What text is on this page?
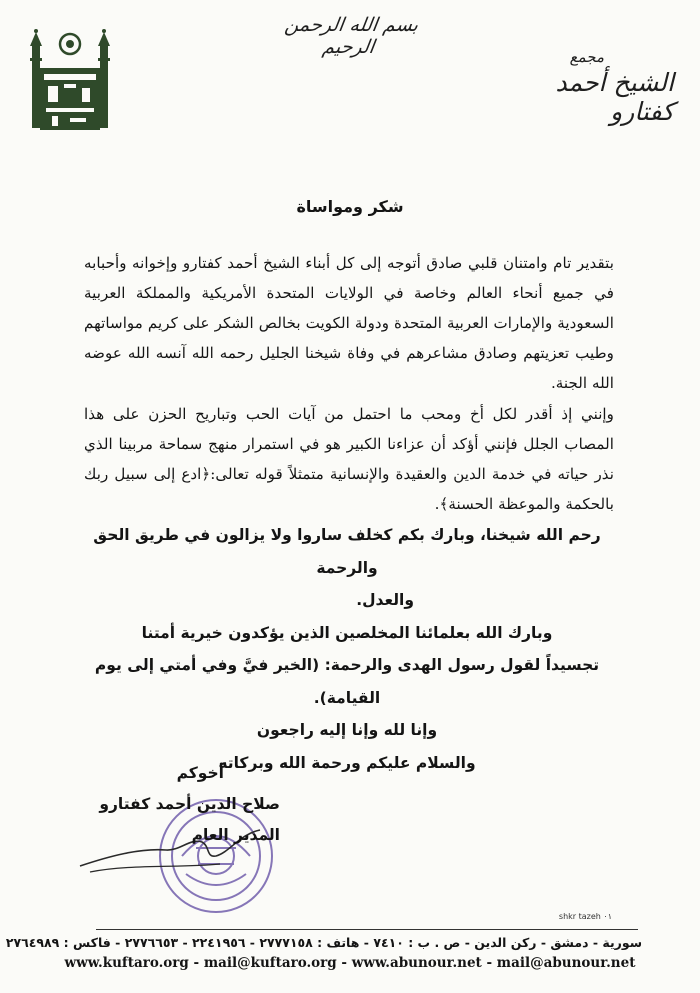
بسم الله الرحمن الرحيم	مجمع
الشيخ أحمد كفتارو
شكر ومواساة

بتقدير تام وامتنان قلبي صادق أتوجه إلى كل أبناء الشيخ أحمد كفتارو وإخوانه وأحبابه في جميع أنحاء العالم وخاصة في الولايات المتحدة الأمريكية والمملكة العربية السعودية والإمارات العربية المتحدة ودولة الكويت بخالص الشكر على كريم مواساتهم وطيب تعزيتهم وصادق مشاعرهم في وفاة شيخنا الجليل رحمه الله آنسه الله عوضه الله الجنة.

وإنني إذ أقدر لكل أخ ومحب ما احتمل من آيات الحب وتباريح الحزن على هذا المصاب الجلل فإنني أؤكد أن عزاءنا الكبير هو في استمرار منهج سماحة مربينا الذي نذر حياته في خدمة الدين والعقيدة والإنسانية متمثلاً قوله تعالى:﴿ادع إلى سبيل ربك بالحكمة والموعظة الحسنة﴾.

رحم الله شيخنا، وبارك بكم كخلف ساروا ولا يزالون في طريق الحق والرحمة
والعدل.
وبارك الله بعلمائنا المخلصين الذين يؤكدون خيرية أمتنا
تجسيداً لقول رسول الهدى والرحمة: (الخير فيَّ وفي أمتي إلى يوم القيامة).
وإنا لله وإنا إليه راجعون
والسلام عليكم ورحمة الله وبركاته
أخوكم
صلاح الدين أحمد كفتارو
المدير العام
shkr tazeh ٠١
سورية - دمشق - ركن الدين - ص . ب : ٧٤١٠ - هاتف : ٢٧٧٧١٥٨ - ٢٢٤١٩٥٦ - ٢٧٧٦٦٥٣ - فاكس : ٢٧٦٤٩٨٩
www.kuftaro.org - mail@kuftaro.org - www.abunour.net - mail@abunour.net
